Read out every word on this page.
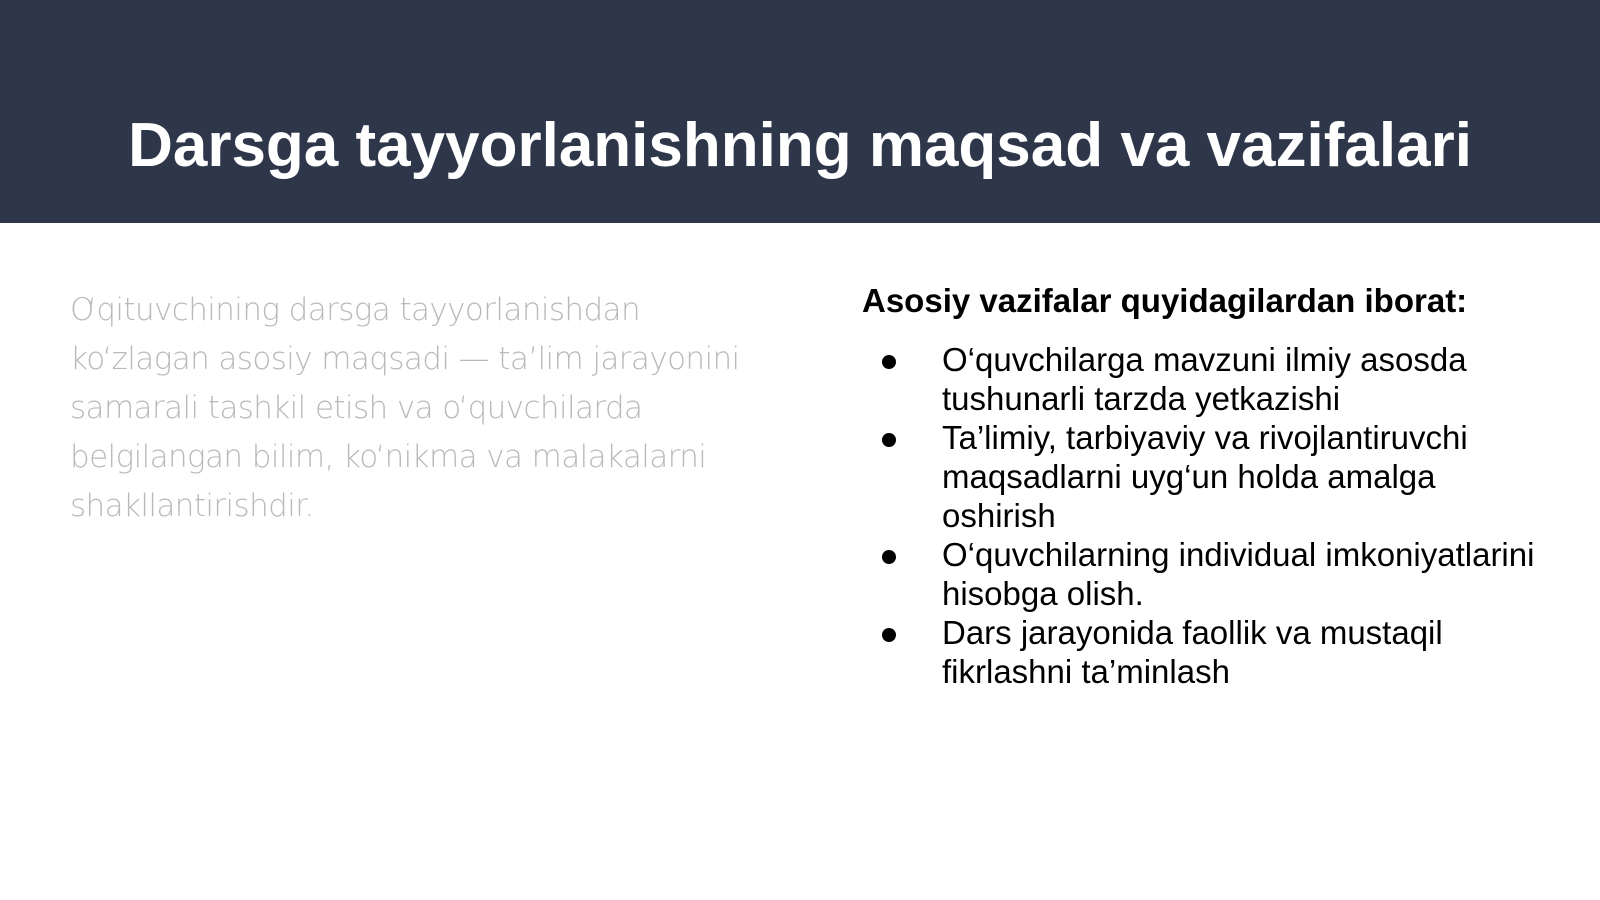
Darsga tayyorlanishning maqsad va vazifalari

O‘qituvchining darsga tayyorlanishdan ko‘zlagan asosiy maqsadi — ta’lim jarayonini samarali tashkil etish va o‘quvchilarda belgilangan bilim, ko‘nikma va malakalarni shakllantirishdir.

Asosiy vazifalar quyidagilardan iborat:
O‘quvchilarga mavzuni ilmiy asosda tushunarli tarzda yetkazishi
Ta’limiy, tarbiyaviy va rivojlantiruvchi maqsadlarni uyg‘un holda amalga oshirish
O‘quvchilarning individual imkoniyatlarini hisobga olish.
Dars jarayonida faollik va mustaqil fikrlashni ta’minlash
